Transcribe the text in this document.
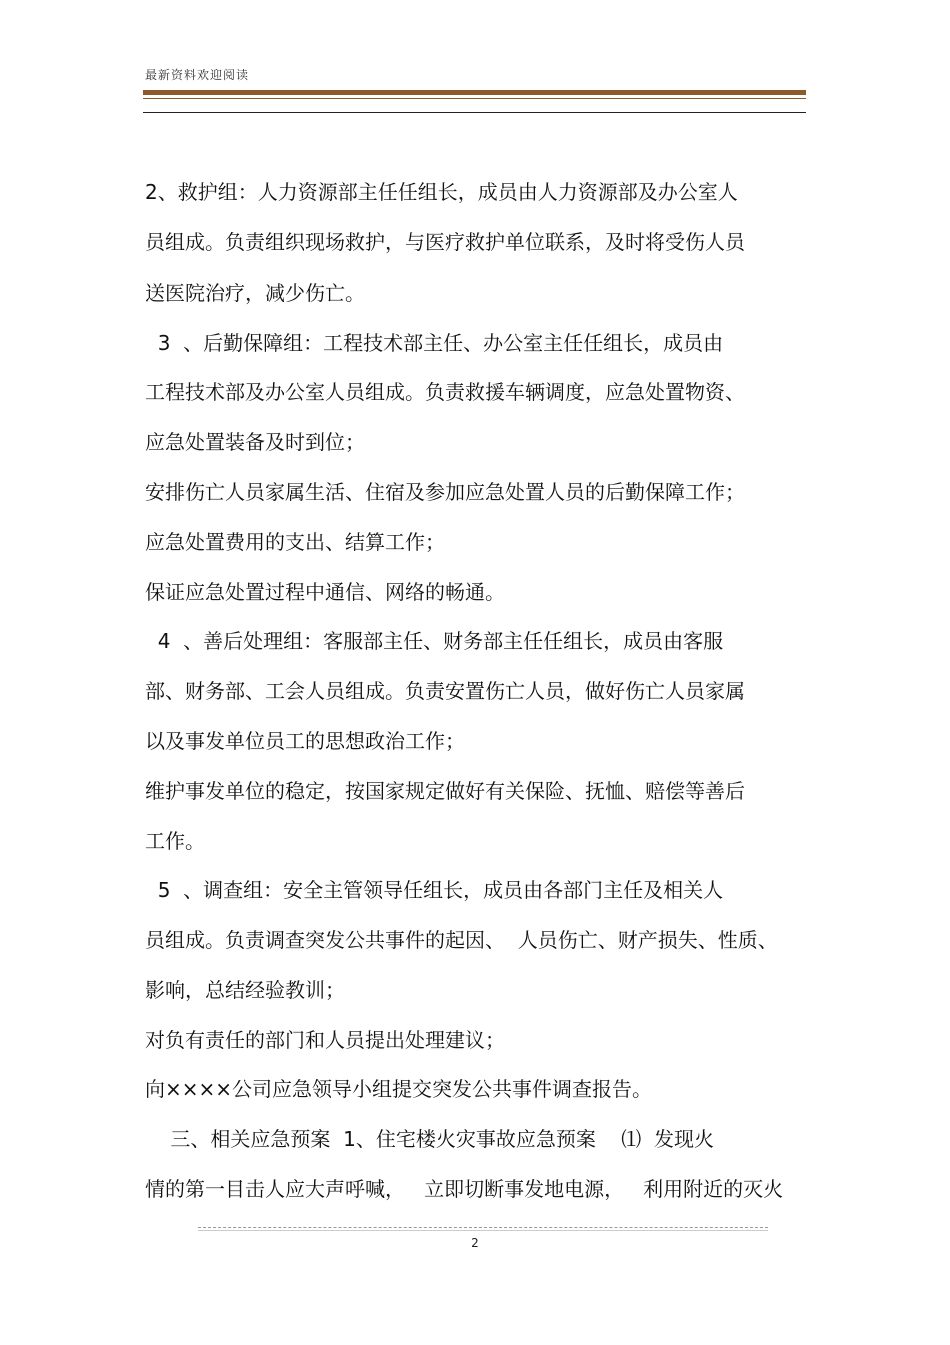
最新资料欢迎阅读
2、救护组：人力资源部主任任组长，成员由人力资源部及办公室人
员组成。负责组织现场救护，与医疗救护单位联系，及时将受伤人员
送医院治疗，减少伤亡。
3  、后勤保障组：工程技术部主任、办公室主任任组长，成员由
工程技术部及办公室人员组成。负责救援车辆调度，应急处置物资、
应急处置装备及时到位；
安排伤亡人员家属生活、住宿及参加应急处置人员的后勤保障工作；
应急处置费用的支出、结算工作；
保证应急处置过程中通信、网络的畅通。
4  、善后处理组：客服部主任、财务部主任任组长，成员由客服
部、财务部、工会人员组成。负责安置伤亡人员，做好伤亡人员家属
以及事发单位员工的思想政治工作；
维护事发单位的稳定，按国家规定做好有关保险、抚恤、赔偿等善后
工作。
5  、调查组：安全主管领导任组长，成员由各部门主任及相关人
员组成。负责调查突发公共事件的起因、  人员伤亡、财产损失、性质、
影响，总结经验教训；
对负有责任的部门和人员提出处理建议；
向××××公司应急领导小组提交突发公共事件调查报告。
三、相关应急预案  1、住宅楼火灾事故应急预案    ⑴  发现火
情的第一目击人应大声呼喊，   立即切断事发地电源，   利用附近的灭火
2
